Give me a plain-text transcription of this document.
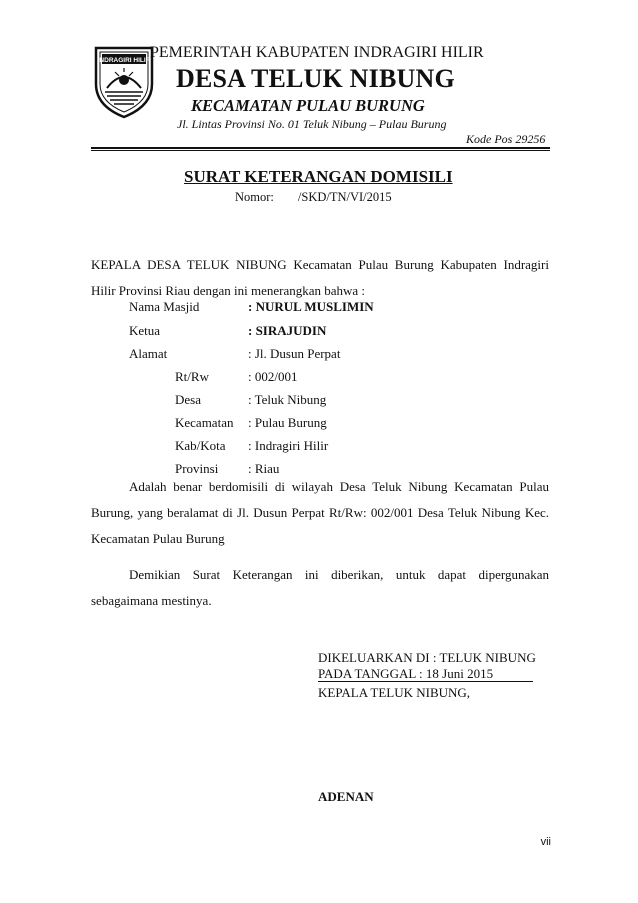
INDRAGIRI HILIR PEMERINTAH KABUPATEN INDRAGIRI HILIR
DESA TELUK NIBUNG
KECAMATAN PULAU BURUNG
Jl. Lintas Provinsi No. 01 Teluk Nibung – Pulau Burung
Kode Pos 29256
SURAT KETERANGAN DOMISILI
Nomor: /SKD/TN/VI/2015
KEPALA DESA TELUK NIBUNG Kecamatan Pulau Burung Kabupaten Indragiri
Hilir Provinsi Riau dengan ini menerangkan bahwa :
Nama Masjid	: NURUL MUSLIMIN
Ketua	: SIRAJUDIN
Alamat	: Jl. Dusun Perpat
Rt/Rw	: 002/001
Desa	: Teluk Nibung
Kecamatan : Pulau Burung
Kab/Kota : Indragiri Hilir
Provinsi : Riau
Adalah benar berdomisili di wilayah Desa Teluk Nibung Kecamatan Pulau
Burung, yang beralamat di Jl. Dusun Perpat Rt/Rw: 002/001 Desa Teluk Nibung Kec.
Kecamatan Pulau Burung
Demikian Surat Keterangan ini diberikan, untuk dapat dipergunakan
sebagaimana mestinya.
DIKELUARKAN DI : TELUK NIBUNG
PADA TANGGAL : 18 Juni 2015
KEPALA TELUK NIBUNG,
ADENAN
vii
